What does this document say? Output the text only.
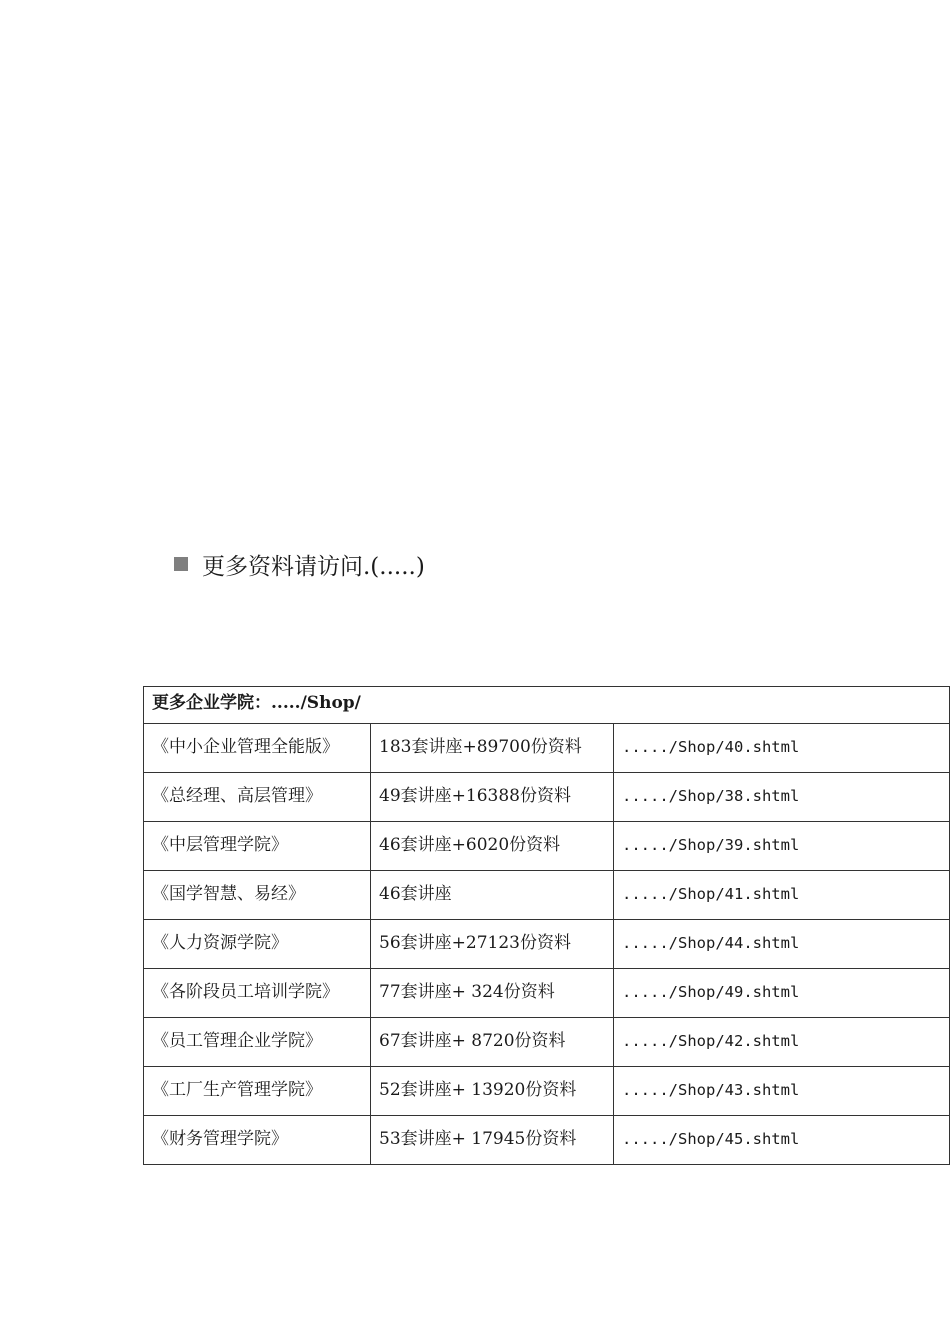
更多资料请访问.(.....)
更多企业学院：...../Shop/		
《中小企业管理全能版》	183套讲座+89700份资料	...../Shop/40.shtml
《总经理、高层管理》	49套讲座+16388份资料	...../Shop/38.shtml
《中层管理学院》	46套讲座+6020份资料	...../Shop/39.shtml
《国学智慧、易经》	46套讲座	...../Shop/41.shtml
《人力资源学院》	56套讲座+27123份资料	...../Shop/44.shtml
《各阶段员工培训学院》	77套讲座+ 324份资料	...../Shop/49.shtml
《员工管理企业学院》	67套讲座+ 8720份资料	...../Shop/42.shtml
《工厂生产管理学院》	52套讲座+ 13920份资料	...../Shop/43.shtml
《财务管理学院》	53套讲座+ 17945份资料	...../Shop/45.shtml
